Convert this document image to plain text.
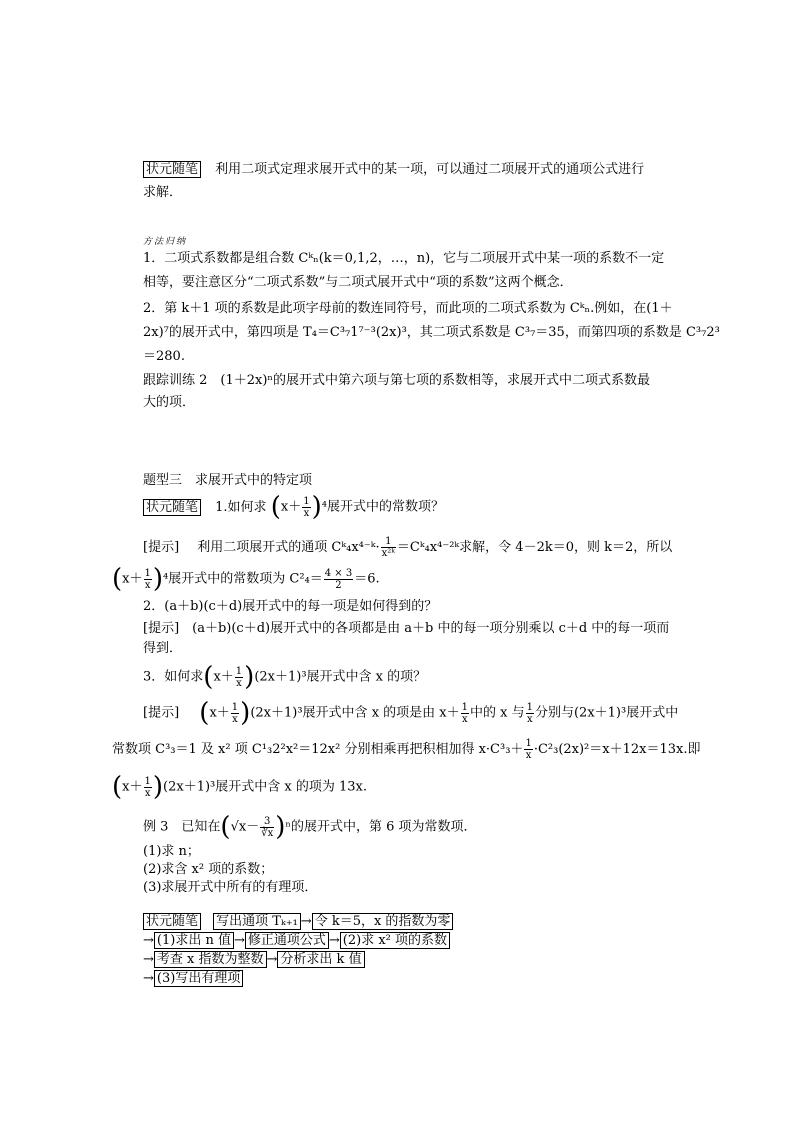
状元随笔 利用二项式定理求展开式中的某一项，可以通过二项展开式的通项公式进行
求解．
方法归纳
1．二项式系数都是组合数 Cᵏₙ(k＝0,1,2，…，n)，它与二项展开式中某一项的系数不一定
相等，要注意区分“二项式系数”与二项式展开式中“项的系数”这两个概念．
2．第 k＋1 项的系数是此项字母前的数连同符号，而此项的二项式系数为 Cᵏₙ.例如，在(1＋
2x)⁷的展开式中，第四项是 T₄＝C³₇1⁷⁻³(2x)³，其二项式系数是 C³₇＝35，而第四项的系数是 C³₇2³
＝280.
跟踪训练 2　(1＋2x)ⁿ的展开式中第六项与第七项的系数相等，求展开式中二项式系数最
大的项．
题型三　求展开式中的特定项
状元随笔 1.如何求 $(x+ \frac{1}{x} )^4$展开式中的常数项？
[提示] 利用二项展开式的通项 Cᵏ₄x⁴⁻ᵏ· $\frac{1}{\text{x²ᵏ}}$ ＝Cᵏ₄x⁴⁻²ᵏ求解，令 4－2k＝0，则 k＝2，所以
$(x+ \frac{1}{x} )^4$展开式中的常数项为 $C^2_4= \frac{4 \times 3}{2} =6$.
2．(a＋b)(c＋d)展开式中的每一项是如何得到的？
[提示]　(a＋b)(c＋d)展开式中的各项都是由 a＋b 中的每一项分别乘以 c＋d 中的每一项而
得到．
3．如何求$(x+ \frac{1}{x} )(2x+1)^3$展开式中含 x 的项？
[提示] $(x+ \frac{1}{x} )(2x+1)^3$展开式中含 x 的项是由 $x+ \frac{1}{x}$ 中的 x 与 $\frac{1}{x}$ 分别与(2x＋1)³展开式中
常数项 C³₃＝1 及 x² 项 C¹₃2²x²＝12x² 分别相乘再把积相加得 $x\cdot C^3_3+ \frac{1}{x} \cdot C^2_3(2x)^2=x+12x=13x$.即
$(x+ \frac{1}{x} )(2x+1)^3$展开式中含 x 的项为 13x.
例 3　已知在$(√x- \frac{3}{∛x} )^n$的展开式中，第 6 项为常数项．
(1)求 n；
(2)求含 x² 项的系数；
(3)求展开式中所有的有理项．
状元随笔 写出通项 Tₖ₊₁ → 令 k＝5，x 的指数为零
→ (1)求出 n 值 → 修正通项公式 → (2)求 x² 项的系数
→ 考查 x 指数为整数 → 分析求出 k 值
→ (3)写出有理项
